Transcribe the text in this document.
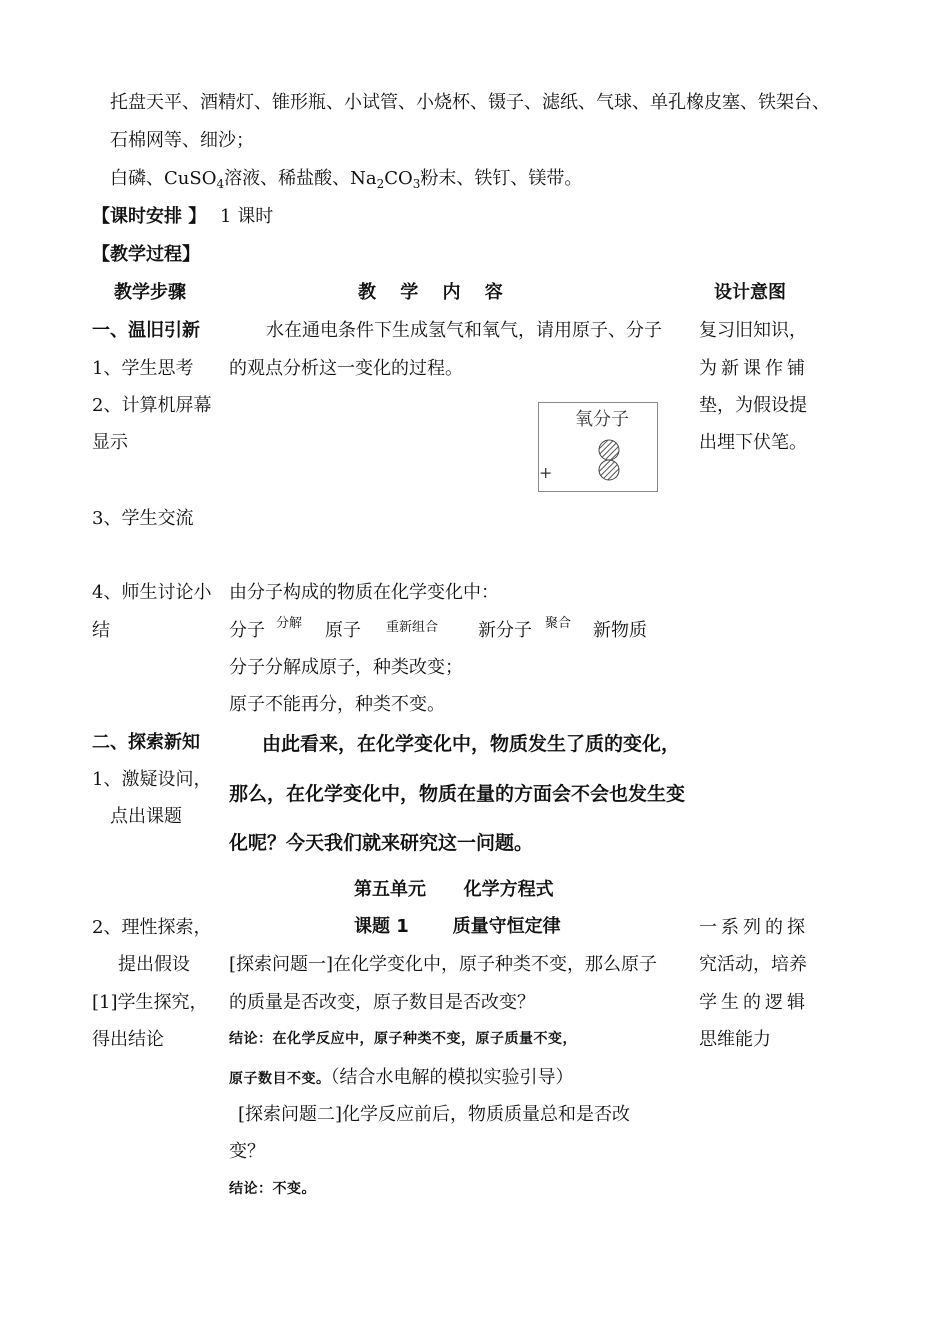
托盘天平、酒精灯、锥形瓶、小试管、小烧杯、镊子、滤纸、气球、单孔橡皮塞、铁架台、
石棉网等、细沙；
白磷、CuSO$_4$溶液、稀盐酸、$Na_2CO_3$粉末、铁钉、镁带。
【课时安排 】 1 课时
【教学过程】
教学步骤	教 学 内 容	设计意图
一、温旧引新
1、学生思考
2、计算机屏幕
显示
3、学生交流
4、师生讨论小
结
水在通电条件下生成氢气和氧气，请用原子、分子
的观点分析这一变化的过程。
氧分子
+
复习旧知识，
为新课作铺
垫，为假设提
出埋下伏笔。
由分子构成的物质在化学变化中：
分子 分解 原子 重新组合 新分子 聚合 新物质
分子分解成原子，种类改变；
原子不能再分，种类不变。
二、探索新知
1、激疑设问，
点出课题
由此看来，在化学变化中，物质发生了质的变化，
那么，在化学变化中，物质在量的方面会不会也发生变
化呢？今天我们就来研究这一问题。
第五单元      化学方程式
课题 1       质量守恒定律
2、理性探索，
提出假设
[1]学生探究，
得出结论
[探索问题一]在化学变化中，原子种类不变，那么原子
的质量是否改变，原子数目是否改变？
结论：在化学反应中，原子种类不变，原子质量不变，
原子数目不变。（结合水电解的模拟实验引导）
[探索问题二]化学反应前后，物质质量总和是否改
变？
结论：不变。
一系列的探
究活动，培养
学生的逻辑
思维能力
